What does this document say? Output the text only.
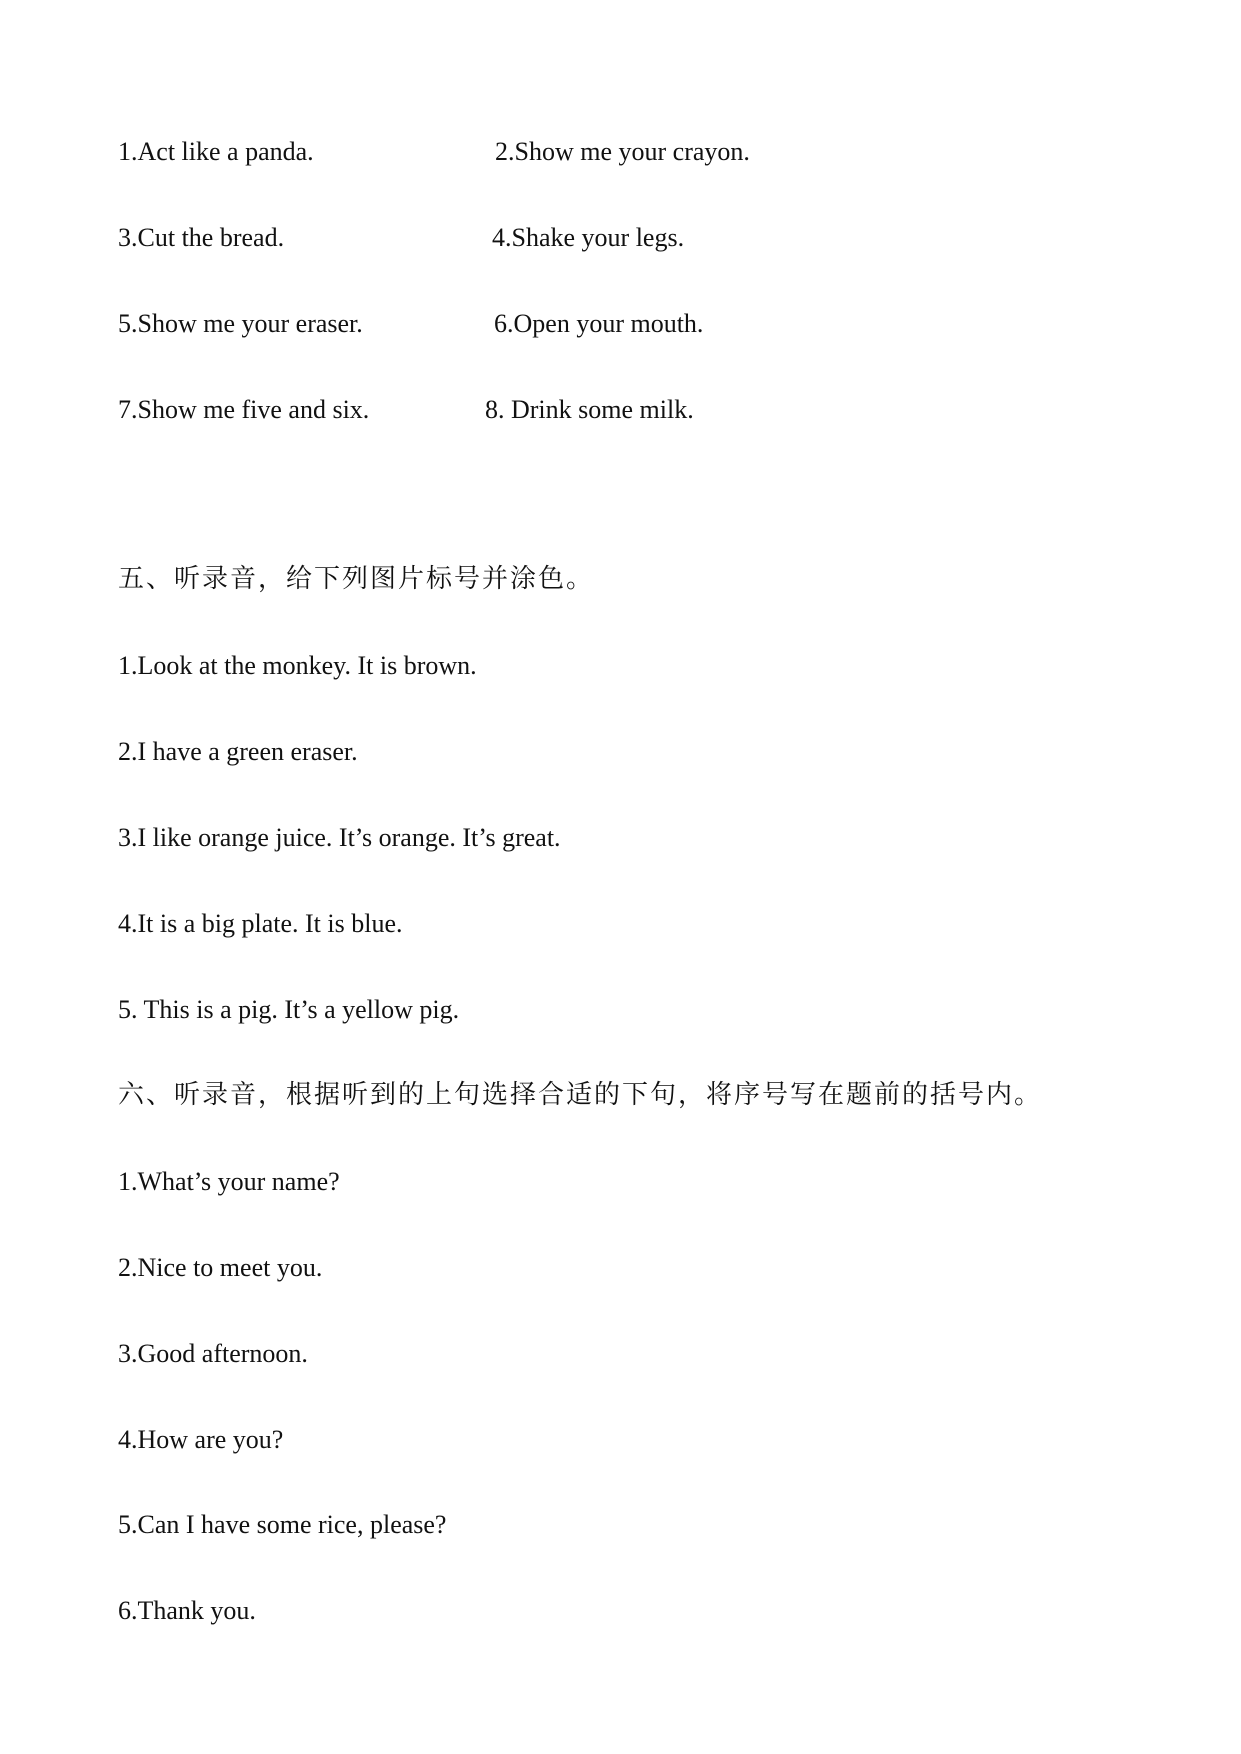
1.Act like a panda.	2.Show me your crayon.
3.Cut the bread.	4.Shake your legs.
5.Show me your eraser.	6.Open your mouth.
7.Show me five and six.	8. Drink some milk.
五、听录音，给下列图片标号并涂色。
1.Look at the monkey. It is brown.
2.I have a green eraser.
3.I like orange juice. It’s orange. It’s great.
4.It is a big plate. It is blue.
5. This is a pig. It’s a yellow pig.
六、听录音，根据听到的上句选择合适的下句，将序号写在题前的括号内。
1.What’s your name?
2.Nice to meet you.
3.Good afternoon.
4.How are you?
5.Can I have some rice, please?
6.Thank you.
